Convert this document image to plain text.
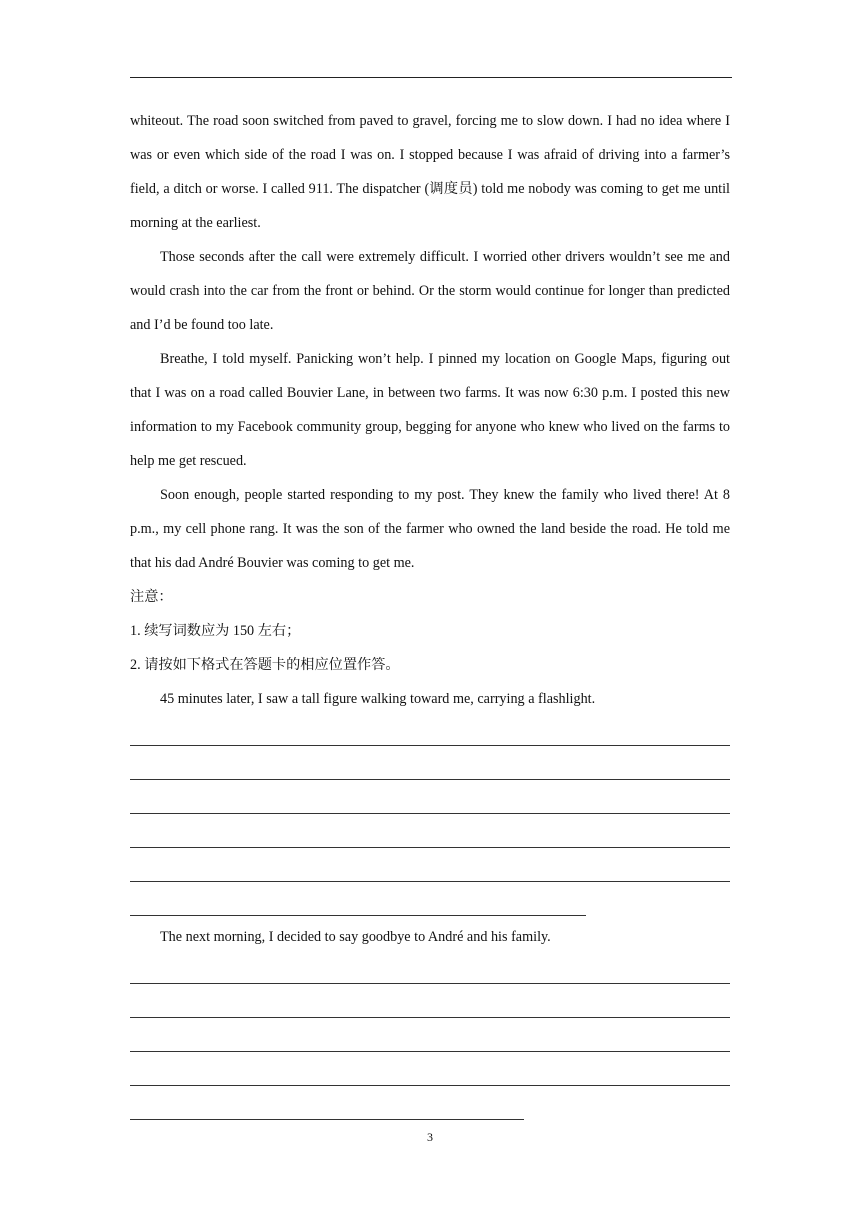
whiteout. The road soon switched from paved to gravel, forcing me to slow down. I had no idea where I was or even which side of the road I was on. I stopped because I was afraid of driving into a farmer’s field, a ditch or worse. I called 911. The dispatcher (调度员) told me nobody was coming to get me until morning at the earliest.

Those seconds after the call were extremely difficult. I worried other drivers wouldn’t see me and would crash into the car from the front or behind. Or the storm would continue for longer than predicted and I’d be found too late.

Breathe, I told myself. Panicking won’t help. I pinned my location on Google Maps, figuring out that I was on a road called Bouvier Lane, in between two farms. It was now 6:30 p.m. I posted this new information to my Facebook community group, begging for anyone who knew who lived on the farms to help me get rescued.

Soon enough, people started responding to my post. They knew the family who lived there! At 8 p.m., my cell phone rang. It was the son of the farmer who owned the land beside the road. He told me that his dad André Bouvier was coming to get me.

注意：

1. 续写词数应为 150 左右；

2. 请按如下格式在答题卡的相应位置作答。

45 minutes later, I saw a tall figure walking toward me, carrying a flashlight.

The next morning, I decided to say goodbye to André and his family.

3
